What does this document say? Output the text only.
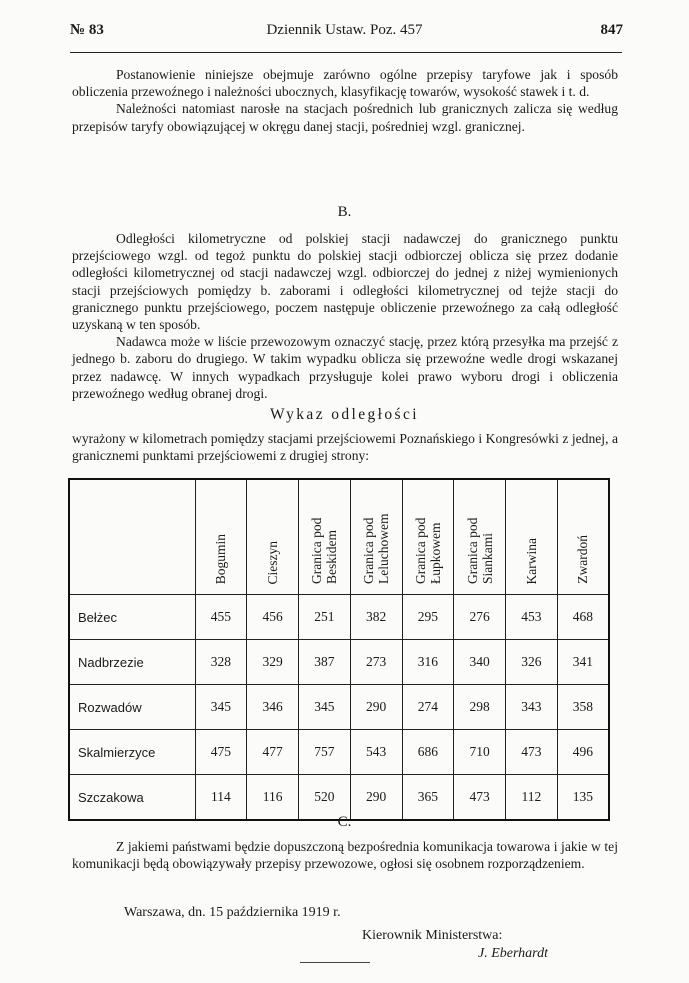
№ 83	Dziennik Ustaw. Poz. 457	847

Postanowienie niniejsze obejmuje zarówno ogólne przepisy taryfowe jak i sposób obliczenia przewoźnego i należności ubocznych, klasyfikację towarów, wysokość stawek i t. d.

Należności natomiast narosłe na stacjach pośrednich lub granicznych zalicza się według przepisów taryfy obowiązującej w okręgu danej stacji, pośredniej wzgl. granicznej.

B.

Odległości kilometryczne od polskiej stacji nadawczej do granicznego punktu przejściowego wzgl. od tegoż punktu do polskiej stacji odbiorczej oblicza się przez dodanie odległości kilometrycznej od stacji nadawczej wzgl. odbiorczej do jednej z niżej wymienionych stacji przejściowych pomiędzy b. zaborami i odległości kilometrycznej od tejże stacji do granicznego punktu przejściowego, poczem następuje obliczenie przewoźnego za całą odległość uzyskaną w ten sposób.

Nadawca może w liście przewozowym oznaczyć stację, przez którą przesyłka ma przejść z jednego b. zaboru do drugiego. W takim wypadku oblicza się przewoźne wedle drogi wskazanej przez nadawcę. W innych wypadkach przysługuje kolei prawo wyboru drogi i obliczenia przewoźnego według obranej drogi.

Wykaz odległości
wyrażony w kilometrach pomiędzy stacjami przejściowemi Poznańskiego i Kongresówki z jednej, a granicznemi punktami przejściowemi z drugiej strony:
	Bogumin	Cieszyn	Granica pod Beskidem	Granica pod Leluchowem	Granica pod Łupkowem	Granica pod Siankami	Karwina	Zwardoń
Bełżec	455	456	251	382	295	276	453	468
Nadbrzezie	328	329	387	273	316	340	326	341
Rozwadów	345	346	345	290	274	298	343	358
Skalmierzyce	475	477	757	543	686	710	473	496
Szczakowa	114	116	520	290	365	473	112	135
C.

Z jakiemi państwami będzie dopuszczoną bezpośrednia komunikacja towarowa i jakie w tej komunikacji będą obowiązywały przepisy przewozowe, ogłosi się osobnem rozporządzeniem.

Warszawa, dn. 15 października 1919 r.
Kierownik Ministerstwa:
J. Eberhardt
